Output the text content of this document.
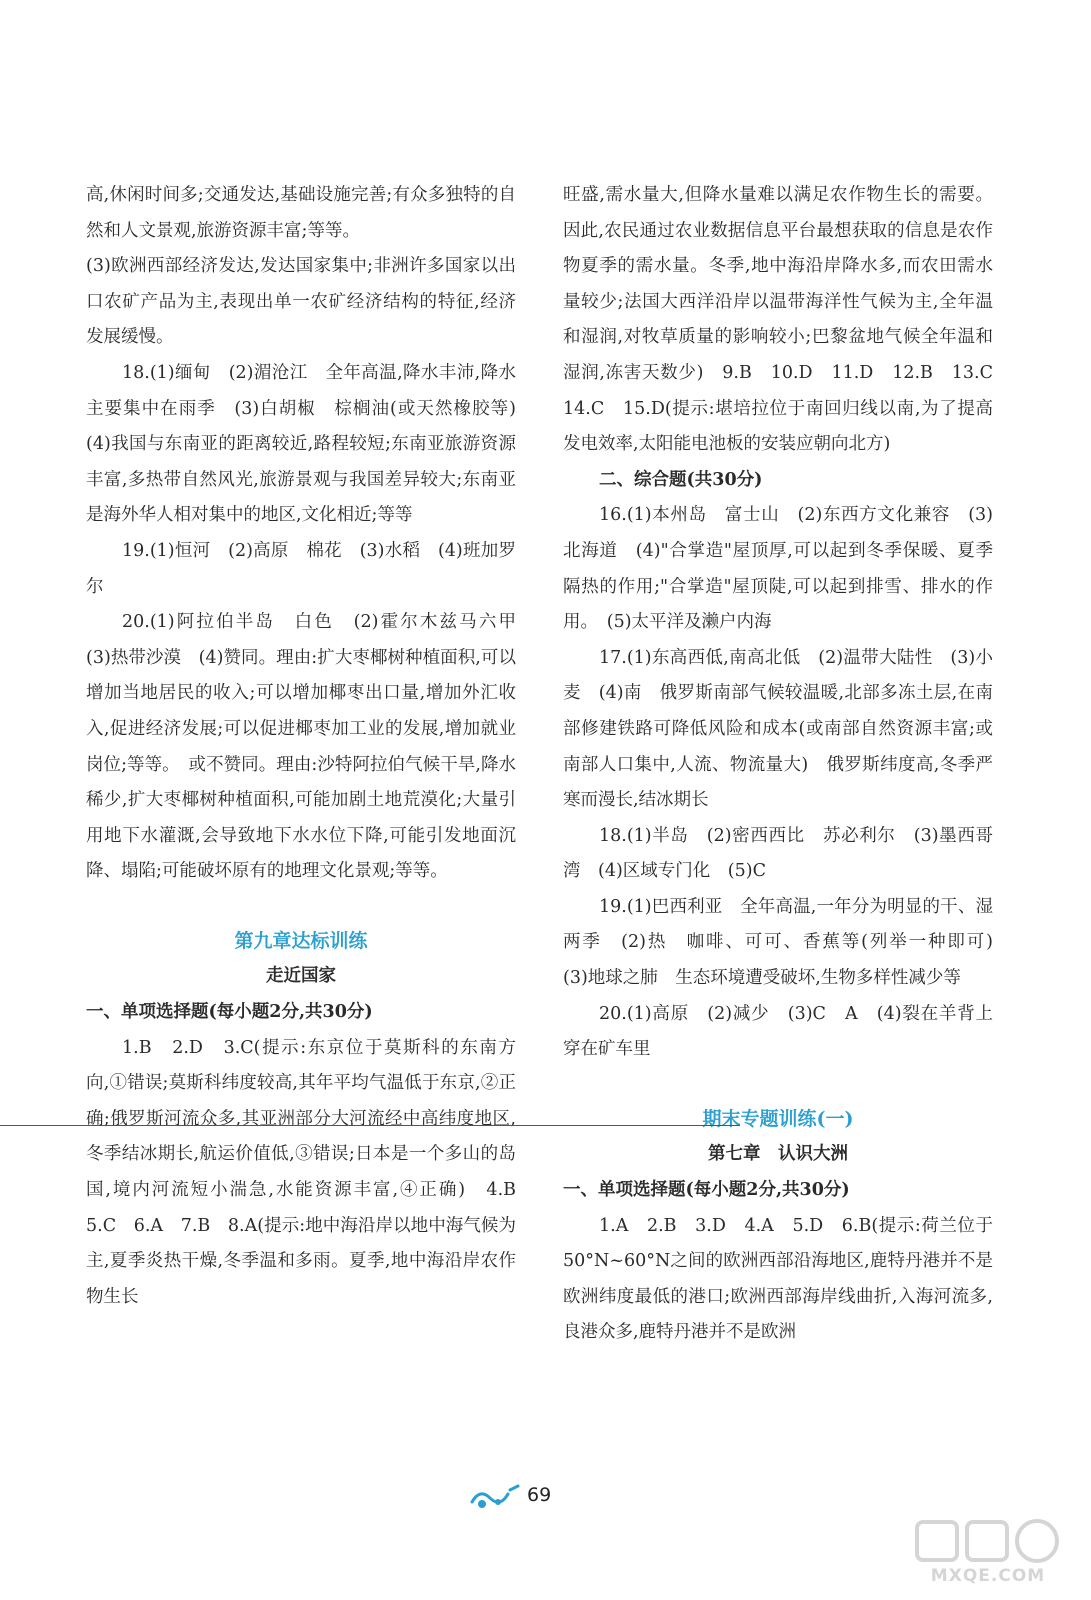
高,休闲时间多;交通发达,基础设施完善;有众多独特的自然和人文景观,旅游资源丰富;等等。

(3)欧洲西部经济发达,发达国家集中;非洲许多国家以出口农矿产品为主,表现出单一农矿经济结构的特征,经济发展缓慢。

18.(1)缅甸　(2)湄沧江　全年高温,降水丰沛,降水主要集中在雨季　(3)白胡椒　棕榈油(或天然橡胶等)　(4)我国与东南亚的距离较近,路程较短;东南亚旅游资源丰富,多热带自然风光,旅游景观与我国差异较大;东南亚是海外华人相对集中的地区,文化相近;等等

19.(1)恒河　(2)高原　棉花　(3)水稻　(4)班加罗尔

20.(1)阿拉伯半岛　白色　(2)霍尔木兹马六甲　(3)热带沙漠　(4)赞同。理由:扩大枣椰树种植面积,可以增加当地居民的收入;可以增加椰枣出口量,增加外汇收入,促进经济发展;可以促进椰枣加工业的发展,增加就业岗位;等等。　或不赞同。理由:沙特阿拉伯气候干旱,降水稀少,扩大枣椰树种植面积,可能加剧土地荒漠化;大量引用地下水灌溉,会导致地下水水位下降,可能引发地面沉降、塌陷;可能破坏原有的地理文化景观;等等。

第九章达标训练

走近国家

一、单项选择题(每小题2分,共30分)

1.B　2.D　3.C(提示:东京位于莫斯科的东南方向,①错误;莫斯科纬度较高,其年平均气温低于东京,②正确;俄罗斯河流众多,其亚洲部分大河流经中高纬度地区,冬季结冰期长,航运价值低,③错误;日本是一个多山的岛国,境内河流短小湍急,水能资源丰富,④正确)　4.B　5.C　6.A　7.B　8.A(提示:地中海沿岸以地中海气候为主,夏季炎热干燥,冬季温和多雨。夏季,地中海沿岸农作物生长

旺盛,需水量大,但降水量难以满足农作物生长的需要。因此,农民通过农业数据信息平台最想获取的信息是农作物夏季的需水量。冬季,地中海沿岸降水多,而农田需水量较少;法国大西洋沿岸以温带海洋性气候为主,全年温和湿润,对牧草质量的影响较小;巴黎盆地气候全年温和湿润,冻害天数少)　9.B　10.D　11.D　12.B　13.C　14.C　15.D(提示:堪培拉位于南回归线以南,为了提高发电效率,太阳能电池板的安装应朝向北方)

二、综合题(共30分)

16.(1)本州岛　富士山　(2)东西方文化兼容　(3)北海道　(4)"合掌造"屋顶厚,可以起到冬季保暖、夏季隔热的作用;"合掌造"屋顶陡,可以起到排雪、排水的作用。　(5)太平洋及濑户内海

17.(1)东高西低,南高北低　(2)温带大陆性　(3)小麦　(4)南　俄罗斯南部气候较温暖,北部多冻土层,在南部修建铁路可降低风险和成本(或南部自然资源丰富;或南部人口集中,人流、物流量大)　俄罗斯纬度高,冬季严寒而漫长,结冰期长

18.(1)半岛　(2)密西西比　苏必利尔　(3)墨西哥湾　(4)区域专门化　(5)C

19.(1)巴西利亚　全年高温,一年分为明显的干、湿两季　(2)热　咖啡、可可、香蕉等(列举一种即可)　(3)地球之肺　生态环境遭受破坏,生物多样性减少等

20.(1)高原　(2)减少　(3)C　A　(4)裂在羊背上　穿在矿车里

期末专题训练(一)

第七章　认识大洲

一、单项选择题(每小题2分,共30分)

1.A　2.B　3.D　4.A　5.D　6.B(提示:荷兰位于50°N~60°N之间的欧洲西部沿海地区,鹿特丹港并不是欧洲纬度最低的港口;欧洲西部海岸线曲折,入海河流多,良港众多,鹿特丹港并不是欧洲

69
MXQE.COM
